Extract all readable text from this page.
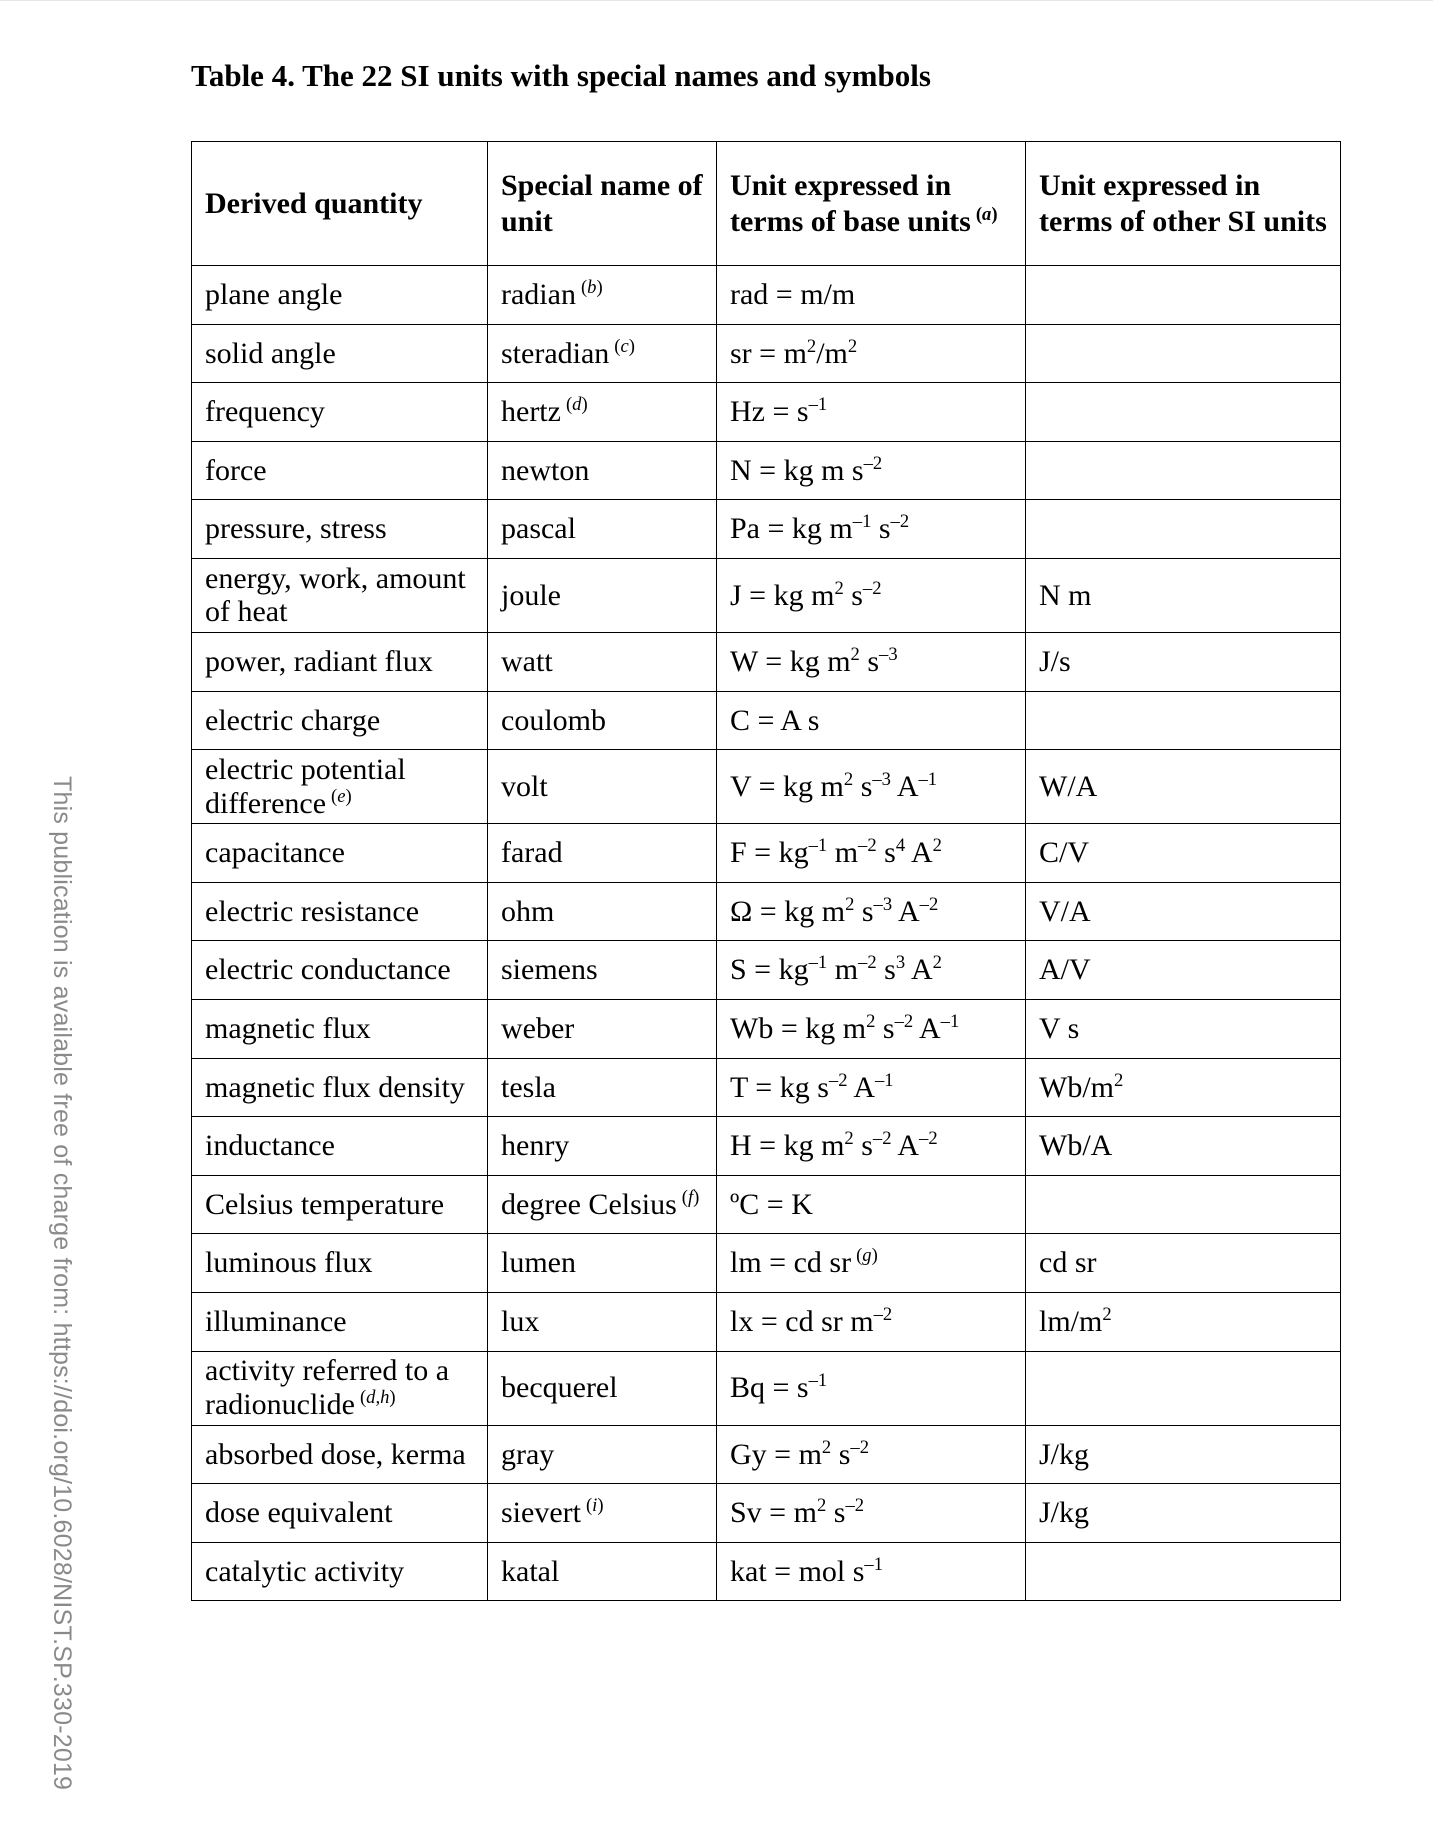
This publication is available free of charge from: https://doi.org/10.6028/NIST.SP.330-2019
Table 4. The 22 SI units with special names and symbols
Derived quantity	Special name of unit	Unit expressed in terms of base units ( $^a$ )	Unit expressed in terms of other SI units
plane angle	radian ( $^b$ )	rad = m/m	
solid angle	steradian ( $^c$ )	sr = $m^2/m^2$	
frequency	hertz ( $^d$ )	$Hz = s^{-1}$	
force	newton	N = kg m $s^{-2}$	
pressure, stress	pascal	Pa = kg $m^{-1}$ $s^{-2}$	
energy, work, amount of heat	joule	J = kg $m^2$ $s^{-2}$	N m
power, radiant flux	watt	W = kg $m^2$ $s^{-3}$	J/s
electric charge	coulomb	C = A s	
electric potential difference ( $^e$ )	volt	V = kg $m^2$ $s^{-3}$ $A^{-1}$	W/A
capacitance	farad	$F = kg^{-1}$ $m^{-2}$ $s^4$ $A^2$	C/V
electric resistance	ohm	Ω = kg $m^2$ $s^{-3}$ $A^{-2}$	V/A
electric conductance	siemens	$S = kg^{-1}$ $m^{-2}$ $s^3$ $A^2$	A/V
magnetic flux	weber	Wb = kg $m^2$ $s^{-2}$ $A^{-1}$	V s
magnetic flux density	tesla	T = kg $s^{-2}$ $A^{-1}$	$Wb/m^2$
inductance	henry	H = kg $m^2$ $s^{-2}$ $A^{-2}$	Wb/A
Celsius temperature	degree Celsius ( $^f$ )	ºC = K	
luminous flux	lumen	lm = cd sr ( $^g$ )	cd sr
illuminance	lux	lx = cd sr $m^{-2}$	$lm/m^2$
activity referred to a radionuclide ( $^{d,h}$ )	becquerel	$Bq = s^{-1}$	
absorbed dose, kerma	gray	$Gy = m^2$ $s^{-2}$	J/kg
dose equivalent	sievert ( $^i$ )	$Sv = m^2$ $s^{-2}$	J/kg
catalytic activity	katal	kat = mol $s^{-1}$	
